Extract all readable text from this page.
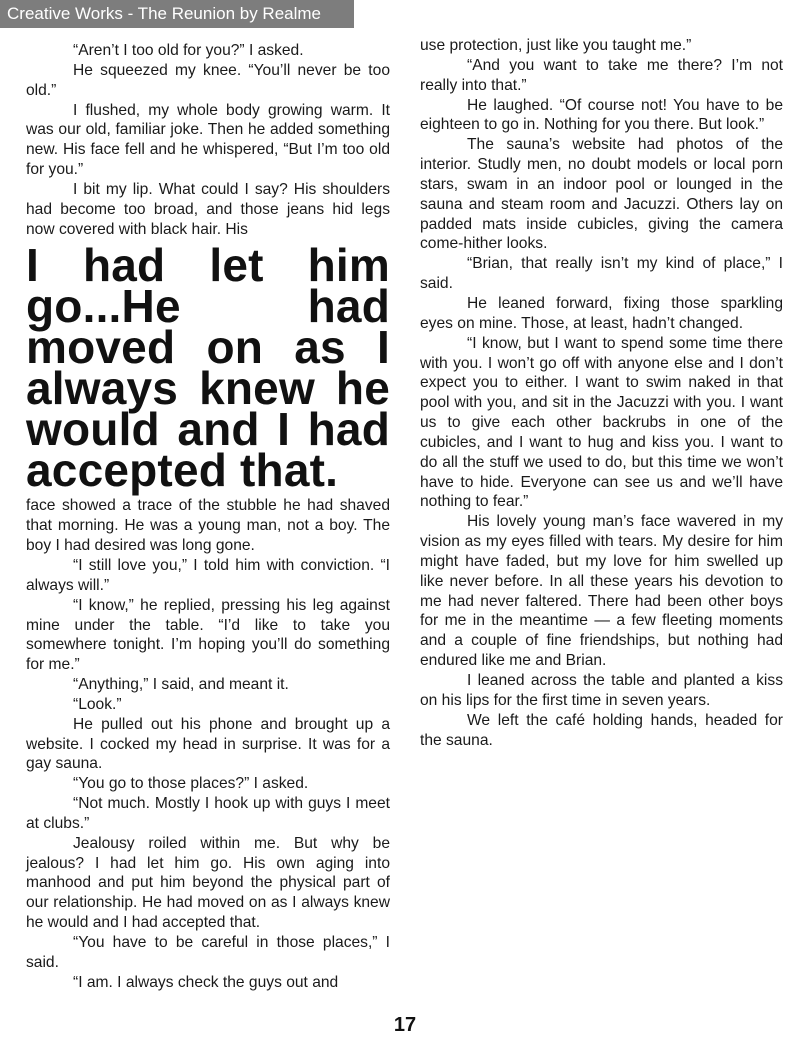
Creative Works - The Reunion by Realme

“Aren’t I too old for you?” I asked.

He squeezed my knee. “You’ll never be too old.”

I flushed, my whole body growing warm. It was our old, familiar joke. Then he added something new. His face fell and he whispered, “But I’m too old for you.”

I bit my lip. What could I say? His shoulders had become too broad, and those jeans hid legs now covered with black hair. His

I had let him go...He had moved on as I always knew he would and I had accepted that.

face showed a trace of the stubble he had shaved that morning. He was a young man, not a boy. The boy I had desired was long gone.

“I still love you,” I told him with conviction. “I always will.”

“I know,” he replied, pressing his leg against mine under the table. “I’d like to take you somewhere tonight. I’m hoping you’ll do something for me.”

“Anything,” I said, and meant it.

“Look.”

He pulled out his phone and brought up a website. I cocked my head in surprise. It was for a gay sauna.

“You go to those places?” I asked.

“Not much. Mostly I hook up with guys I meet at clubs.”

Jealousy roiled within me. But why be jealous? I had let him go. His own aging into manhood and put him beyond the physical part of our relationship. He had moved on as I always knew he would and I had accepted that.

“You have to be careful in those places,” I said.

“I am. I always check the guys out and

use protection, just like you taught me.”

“And you want to take me there? I’m not really into that.”

He laughed. “Of course not! You have to be eighteen to go in. Nothing for you there. But look.”

The sauna’s website had photos of the interior. Studly men, no doubt models or local porn stars, swam in an indoor pool or lounged in the sauna and steam room and Jacuzzi. Others lay on padded mats inside cubicles, giving the camera come-hither looks.

“Brian, that really isn’t my kind of place,” I said.

He leaned forward, fixing those sparkling eyes on mine. Those, at least, hadn’t changed.

“I know, but I want to spend some time there with you. I won’t go off with anyone else and I don’t expect you to either. I want to swim naked in that pool with you, and sit in the Jacuzzi with you. I want us to give each other backrubs in one of the cubicles, and I want to hug and kiss you. I want to do all the stuff we used to do, but this time we won’t have to hide. Everyone can see us and we’ll have nothing to fear.”

His lovely young man’s face wavered in my vision as my eyes filled with tears. My desire for him might have faded, but my love for him swelled up like never before. In all these years his devotion to me had never faltered. There had been other boys for me in the meantime — a few fleeting moments and a couple of fine friendships, but nothing had endured like me and Brian.

I leaned across the table and planted a kiss on his lips for the first time in seven years.

We left the café holding hands, headed for the sauna.

17
